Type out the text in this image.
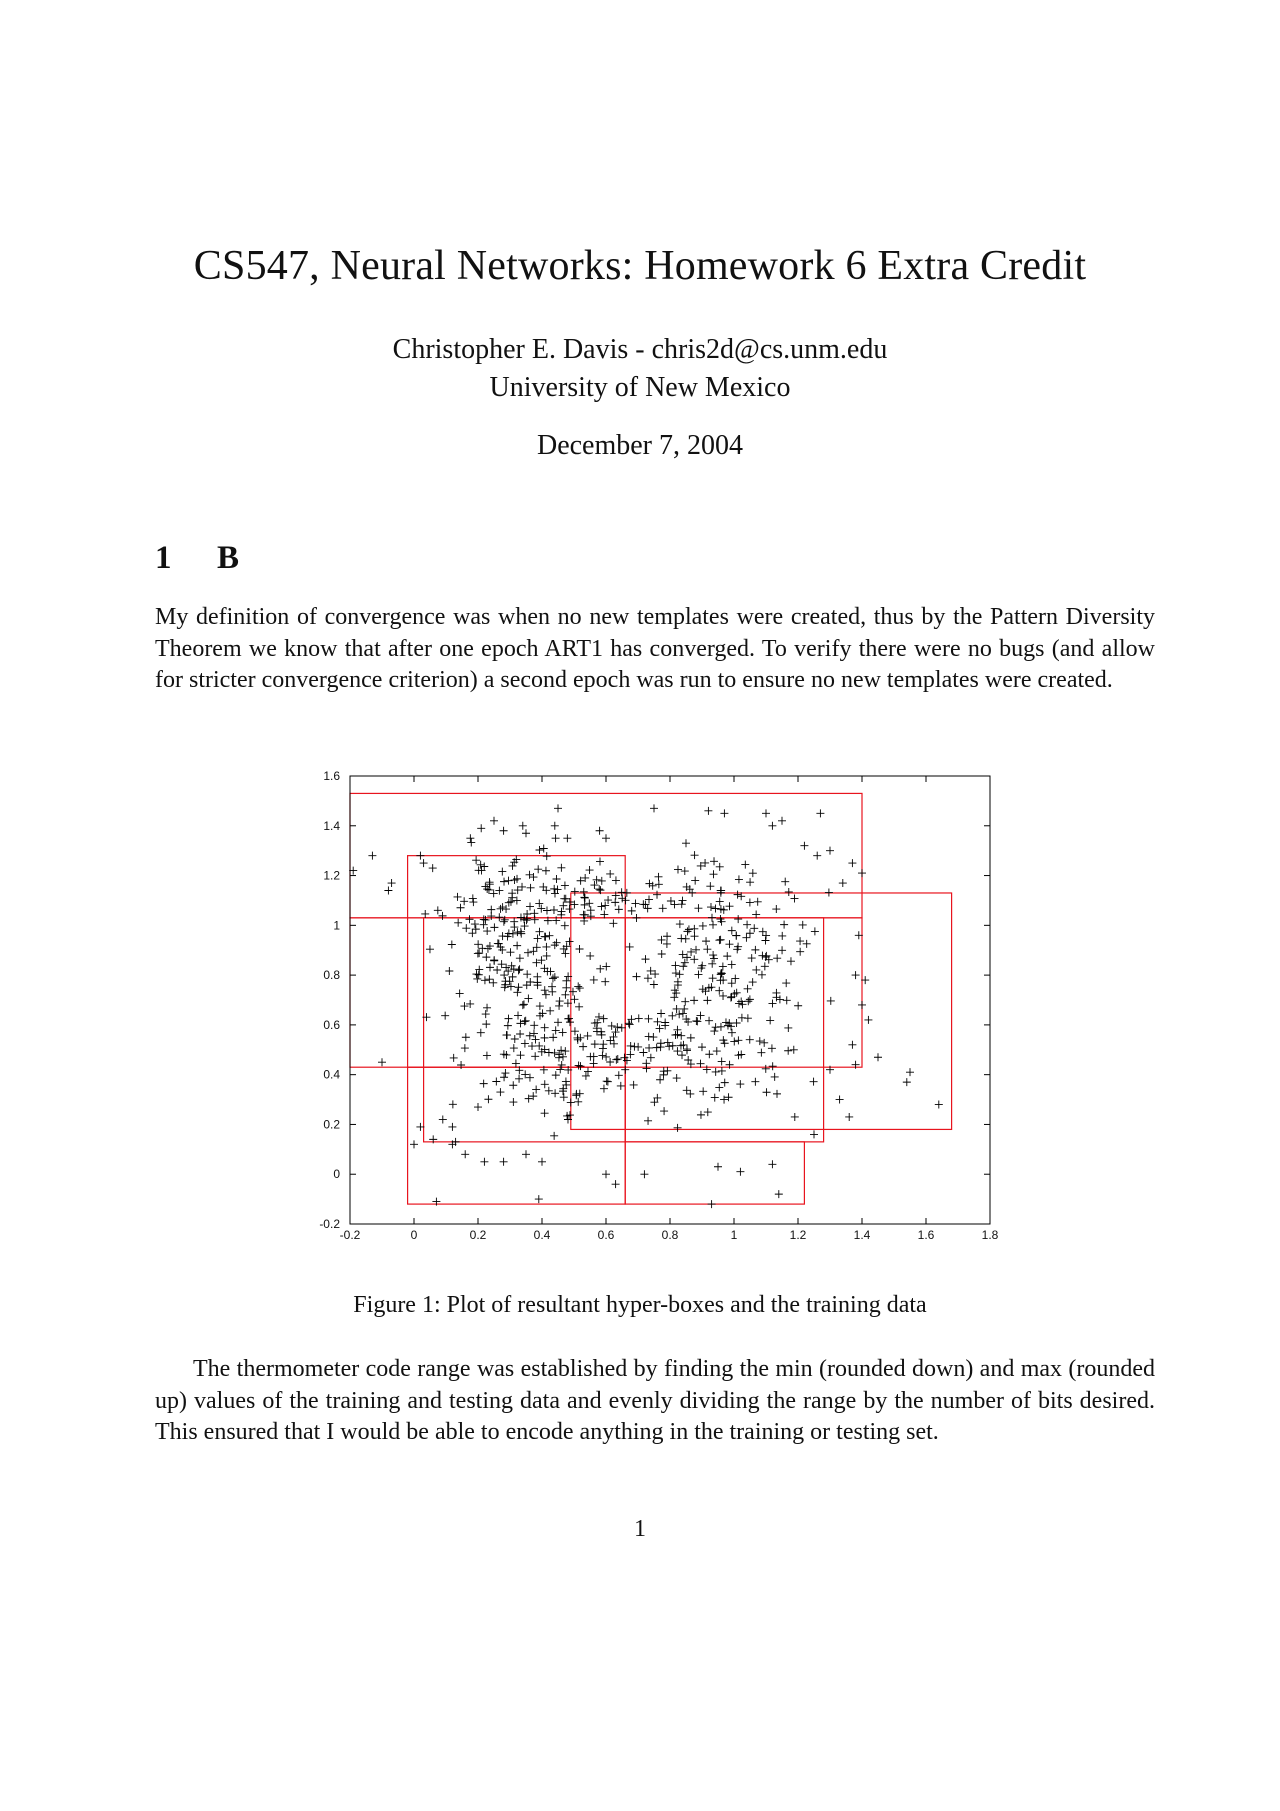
CS547, Neural Networks: Homework 6 Extra Credit
Christopher E. Davis - chris2d@cs.unm.edu
University of New Mexico
December 7, 2004
1 B
My definition of convergence was when no new templates were created, thus by the Pattern Diversity Theorem we know that after one epoch ART1 has converged. To verify there were no bugs (and allow for stricter convergence criterion) a second epoch was run to ensure no new templates were created.
-0.2	0	0.2	0.4	0.6	0.8	1	1.2	1.4	1.6	1.8
-0.2
0
0.2
0.4
0.6
0.8
1
1.2
1.4
1.6
Figure 1: Plot of resultant hyper-boxes and the training data
The thermometer code range was established by finding the min (rounded down) and max (rounded up) values of the training and testing data and evenly dividing the range by the number of bits desired. This ensured that I would be able to encode anything in the training or testing set.
1
